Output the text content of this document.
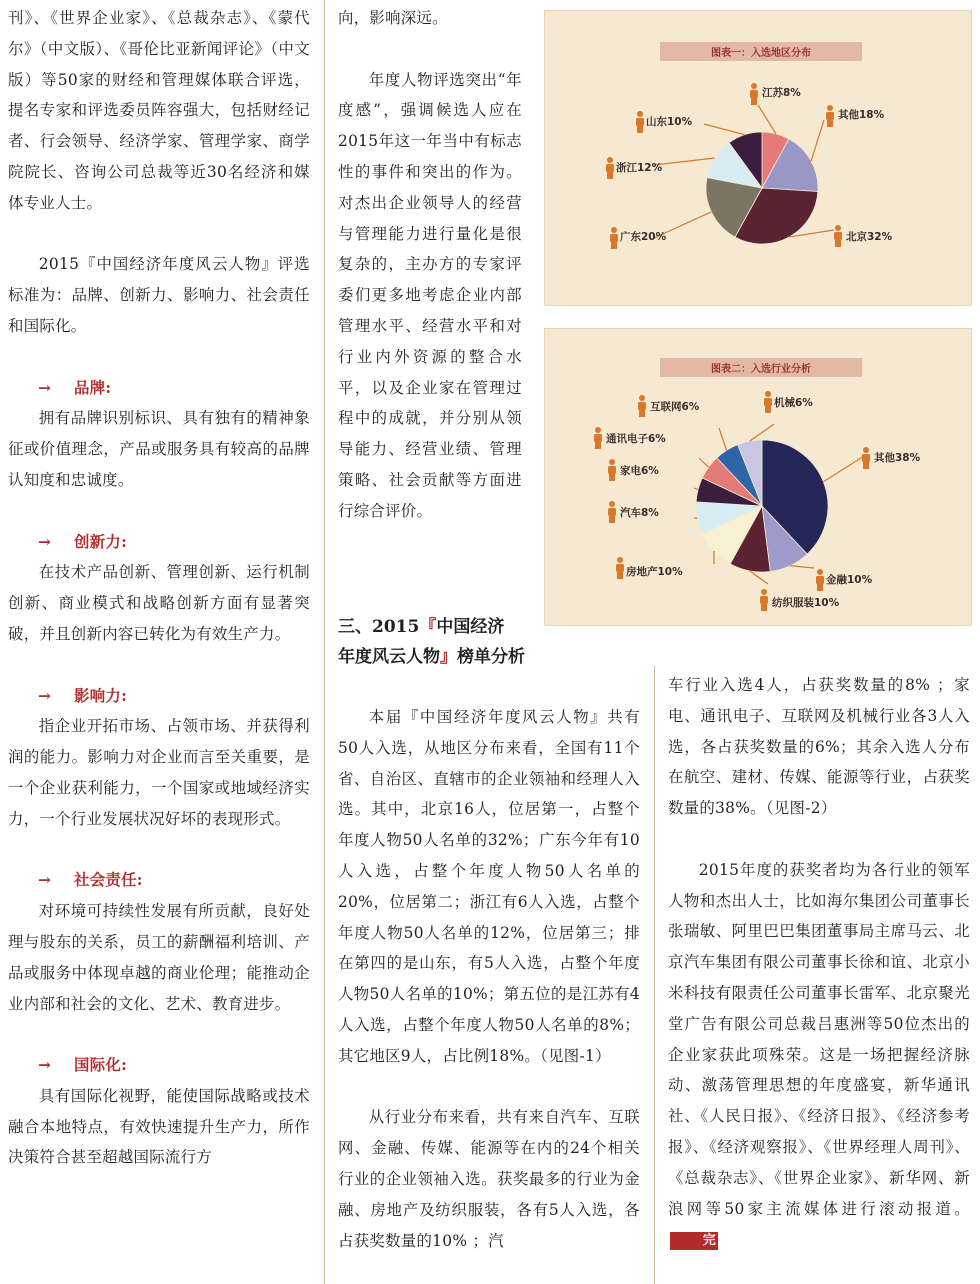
刊》、《世界企业家》、《总裁杂志》、《蒙代尔》（中文版）、《哥伦比亚新闻评论》（中文版）等50家的财经和管理媒体联合评选，提名专家和评选委员阵容强大，包括财经记者、行会领导、经济学家、管理学家、商学院院长、咨询公司总裁等近30名经济和媒体专业人士。

2015『中国经济年度风云人物』评选标准为：品牌、创新力、影响力、社会责任和国际化。

→ 品牌:

拥有品牌识别标识、具有独有的精神象征或价值理念，产品或服务具有较高的品牌认知度和忠诚度。

→ 创新力:

在技术产品创新、管理创新、运行机制创新、商业模式和战略创新方面有显著突破，并且创新内容已转化为有效生产力。

→ 影响力:

指企业开拓市场、占领市场、并获得利润的能力。影响力对企业而言至关重要，是一个企业获利能力，一个国家或地域经济实力，一个行业发展状况好坏的表现形式。

→ 社会责任:

对环境可持续性发展有所贡献，良好处理与股东的关系，员工的薪酬福利培训、产品或服务中体现卓越的商业伦理；能推动企业内部和社会的文化、艺术、教育进步。

→ 国际化:

具有国际化视野，能使国际战略或技术融合本地特点，有效快速提升生产力，所作决策符合甚至超越国际流行方

向，影响深远。

年度人物评选突出“年度感”，强调候选人应在2015年这一年当中有标志性的事件和突出的作为。对杰出企业领导人的经营与管理能力进行量化是很复杂的，主办方的专家评委们更多地考虑企业内部管理水平、经营水平和对行业内外资源的整合水平，以及企业家在管理过程中的成就，并分别从领导能力、经营业绩、管理策略、社会贡献等方面进行综合评价。

三、2015『中国经济

年度风云人物』榜单分析

本届『中国经济年度风云人物』共有50人入选，从地区分布来看，全国有11个省、自治区、直辖市的企业领袖和经理人入选。其中，北京16人，位居第一，占整个年度人物50人名单的32%；广东今年有10人入选，占整个年度人物50人名单的20%，位居第二；浙江有6人入选，占整个年度人物50人名单的12%，位居第三；排在第四的是山东，有5人入选，占整个年度人物50人名单的10%；第五位的是江苏有4人入选，占整个年度人物50人名单的8%；其它地区9人，占比例18%。（见图-1）

从行业分布来看，共有来自汽车、互联网、金融、传媒、能源等在内的24个相关行业的企业领袖入选。获奖最多的行业为金融、房地产及纺织服装，各有5人入选，各占获奖数量的10% ；汽

车行业入选4人，占获奖数量的8% ；家电、通讯电子、互联网及机械行业各3人入选，各占获奖数量的6%；其余入选人分布在航空、建材、传媒、能源等行业，占获奖数量的38%。（见图-2）

2015年度的获奖者均为各行业的领军人物和杰出人士，比如海尔集团公司董事长张瑞敏、阿里巴巴集团董事局主席马云、北京汽车集团有限公司董事长徐和谊、北京小米科技有限责任公司董事长雷军、北京聚光堂广告有限公司总裁吕惠洲等50位杰出的企业家获此项殊荣。这是一场把握经济脉动、激荡管理思想的年度盛宴，新华通讯社、《人民日报》、《经济日报》、《经济参考报》、《经济观察报》、《世界经理人周刊》、《总裁杂志》、《世界企业家》、新华网、新浪网等50家主流媒体进行滚动报道。完

图表一：入选地区分布
江苏8%
其他18%
北京32%
广东20%
浙江12%
山东10%
图表二：入选行业分析
其他38%
金融10%
纺织服装10%
房地产10%
汽车8%
家电6%
通讯电子6%
互联网6%	机械6%
